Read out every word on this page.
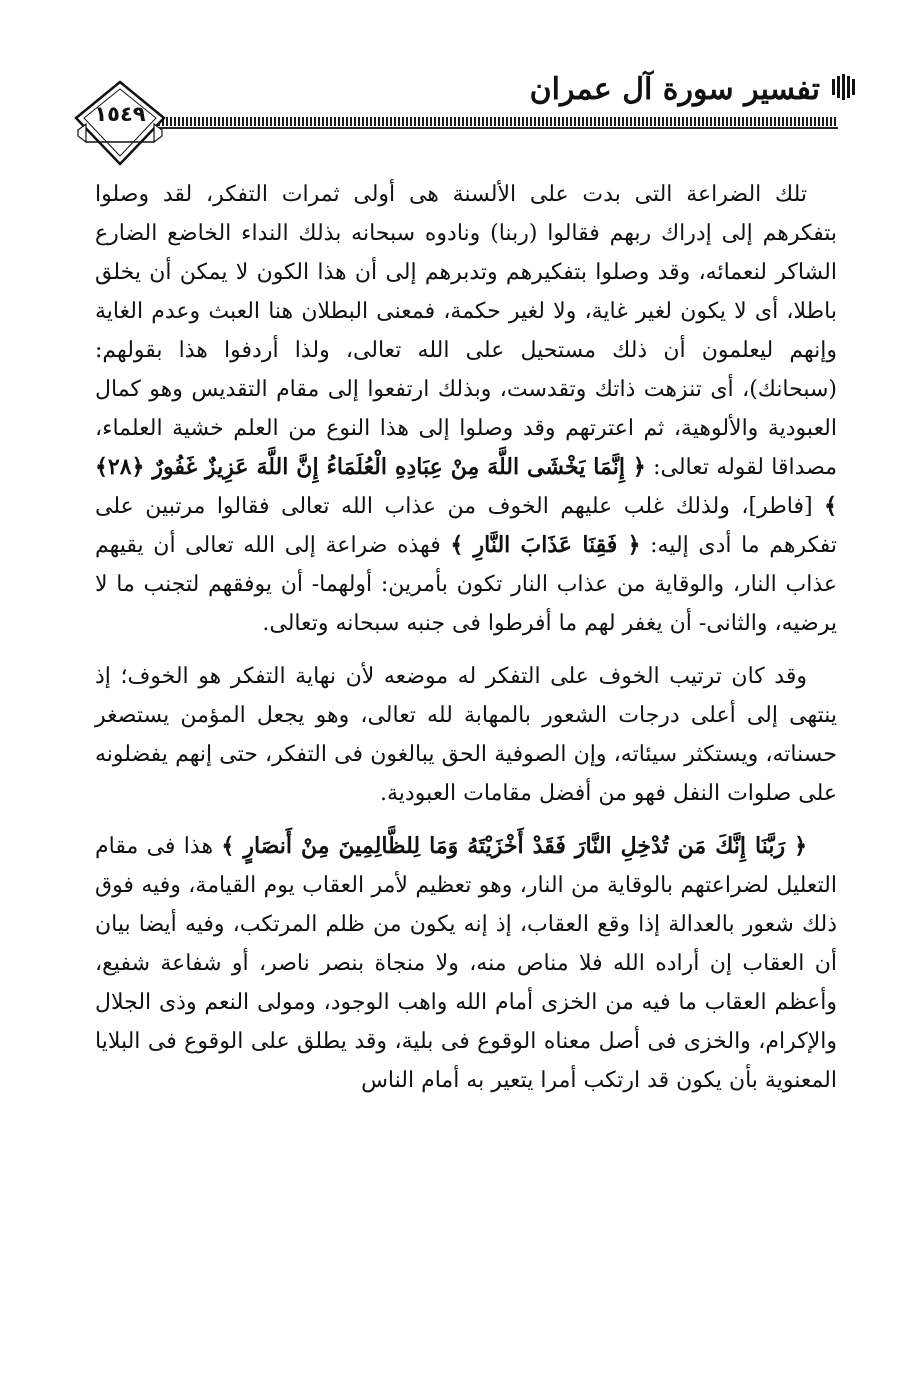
تفسير سورة آل عمران
١٥٤٩

تلك الضراعة التى بدت على الألسنة هى أولى ثمرات التفكر، لقد وصلوا بتفكرهم إلى إدراك ربهم فقالوا (ربنا) ونادوه سبحانه بذلك النداء الخاضع الضارع الشاكر لنعمائه، وقد وصلوا بتفكيرهم وتدبرهم إلى أن هذا الكون لا يمكن أن يخلق باطلا، أى لا يكون لغير غاية، ولا لغير حكمة، فمعنى البطلان هنا العبث وعدم الغاية وإنهم ليعلمون أن ذلك مستحيل على الله تعالى، ولذا أردفوا هذا بقولهم: (سبحانك)، أى تنزهت ذاتك وتقدست، وبذلك ارتفعوا إلى مقام التقديس وهو كمال العبودية والألوهية، ثم اعترتهم وقد وصلوا إلى هذا النوع من العلم خشية العلماء، مصداقا لقوله تعالى: ﴿ إِنَّمَا يَخْشَى اللَّهَ مِنْ عِبَادِهِ الْعُلَمَاءُ إِنَّ اللَّهَ عَزِيزٌ غَفُورٌ ﴿٢٨﴾ ﴾ [فاطر]، ولذلك غلب عليهم الخوف من عذاب الله تعالى فقالوا مرتبين على تفكرهم ما أدى إليه: ﴿ فَقِنَا عَذَابَ النَّارِ ﴾ فهذه ضراعة إلى الله تعالى أن يقيهم عذاب النار، والوقاية من عذاب النار تكون بأمرين: أولهما- أن يوفقهم لتجنب ما لا يرضيه، والثانى- أن يغفر لهم ما أفرطوا فى جنبه سبحانه وتعالى.

وقد كان ترتيب الخوف على التفكر له موضعه لأن نهاية التفكر هو الخوف؛ إذ ينتهى إلى أعلى درجات الشعور بالمهابة لله تعالى، وهو يجعل المؤمن يستصغر حسناته، ويستكثر سيئاته، وإن الصوفية الحق يبالغون فى التفكر، حتى إنهم يفضلونه على صلوات النفل فهو من أفضل مقامات العبودية.

﴿ رَبَّنَا إِنَّكَ مَن تُدْخِلِ النَّارَ فَقَدْ أَخْزَيْتَهُ وَمَا لِلظَّالِمِينَ مِنْ أَنصَارٍ ﴾ هذا فى مقام التعليل لضراعتهم بالوقاية من النار، وهو تعظيم لأمر العقاب يوم القيامة، وفيه فوق ذلك شعور بالعدالة إذا وقع العقاب، إذ إنه يكون من ظلم المرتكب، وفيه أيضا بيان أن العقاب إن أراده الله فلا مناص منه، ولا منجاة بنصر ناصر، أو شفاعة شفيع، وأعظم العقاب ما فيه من الخزى أمام الله واهب الوجود، ومولى النعم وذى الجلال والإكرام، والخزى فى أصل معناه الوقوع فى بلية، وقد يطلق على الوقوع فى البلايا المعنوية بأن يكون قد ارتكب أمرا يتعير به أمام الناس
